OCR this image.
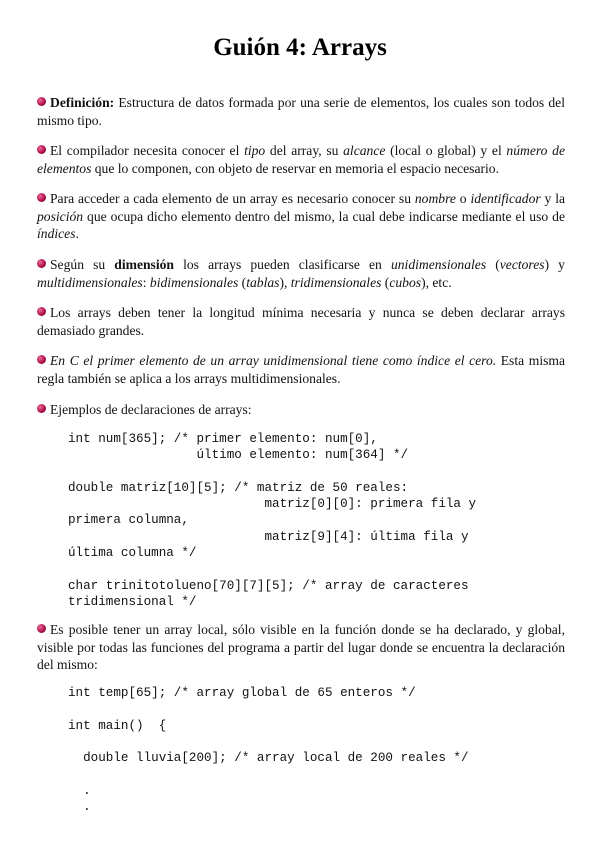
Guión 4: Arrays
Definición: Estructura de datos formada por una serie de elementos, los cuales son todos del mismo tipo.
El compilador necesita conocer el tipo del array, su alcance (local o global) y el número de elementos que lo componen, con objeto de reservar en memoria el espacio necesario.
Para acceder a cada elemento de un array es necesario conocer su nombre o identificador y la posición que ocupa dicho elemento dentro del mismo, la cual debe indicarse mediante el uso de índices.
Según su dimensión los arrays pueden clasificarse en unidimensionales (vectores) y multidimensionales: bidimensionales (tablas), tridimensionales (cubos), etc.
Los arrays deben tener la longitud mínima necesaria y nunca se deben declarar arrays demasiado grandes.
En C el primer elemento de un array unidimensional tiene como índice el cero. Esta misma regla también se aplica a los arrays multidimensionales.
Ejemplos de declaraciones de arrays:
int num[365]; /* primer elemento: num[0],
último elemento: num[364] */

double matriz[10][5]; /* matriz de 50 reales:
matriz[0][0]: primera fila y
primera columna,
matriz[9][4]: última fila y
última columna */

char trinitotolueno[70][7][5]; /* array de caracteres
tridimensional */
Es posible tener un array local, sólo visible en la función donde se ha declarado, y global, visible por todas las funciones del programa a partir del lugar donde se encuentra la declaración del mismo:
int temp[65]; /* array global de 65 enteros */

int main()  {

double lluvia[200]; /* array local de 200 reales */

.
.
